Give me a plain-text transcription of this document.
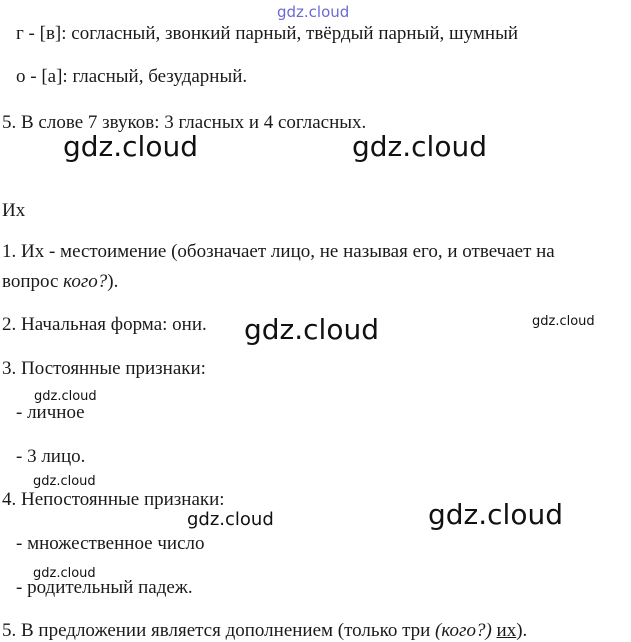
gdz.cloud
г - [в]: согласный, звонкий парный, твёрдый парный, шумный
о - [а]: гласный, безударный.
5. В слове 7 звуков: 3 гласных и 4 согласных.
gdz.cloud	gdz.cloud
Их
1. Их - местоимение (обозначает лицо, не называя его, и отвечает на
вопрос кого?).
2. Начальная форма: они. gdz.cloud	gdz.cloud
3. Постоянные признаки:
gdz.cloud
- личное
- 3 лицо.
gdz.cloud
4. Непостоянные признаки:
gdz.cloud	gdz.cloud
- множественное число
gdz.cloud
- родительный падеж.
5. В предложении является дополнением (только три (кого?) их).
